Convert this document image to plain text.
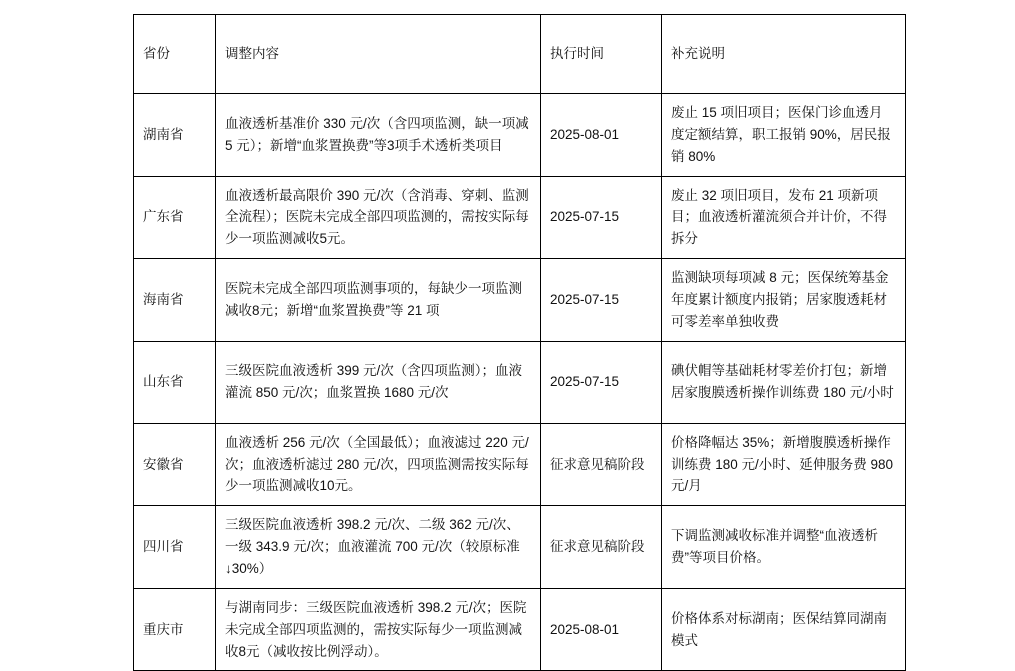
省份	调整内容	执行时间	补充说明
湖南省	血液透析基准价 330 元/次（含四项监测，缺一项减 5 元）；新增“血浆置换费”等3项手术透析类项目	2025-08-01	废止 15 项旧项目；医保门诊血透月度定额结算，职工报销 90%，居民报销 80%
广东省	血液透析最高限价 390 元/次（含消毒、穿刺、监测全流程）；医院未完成全部四项监测的，需按实际每少一项监测减收5元。	2025-07-15	废止 32 项旧项目，发布 21 项新项目；血液透析灌流须合并计价，不得拆分
海南省	医院未完成全部四项监测事项的，每缺少一项监测减收8元；新增“血浆置换费”等 21 项	2025-07-15	监测缺项每项减 8 元；医保统筹基金年度累计额度内报销；居家腹透耗材可零差率单独收费
山东省	三级医院血液透析 399 元/次（含四项监测）；血液灌流 850 元/次；血浆置换 1680 元/次	2025-07-15	碘伏帽等基础耗材零差价打包；新增居家腹膜透析操作训练费 180 元/小时
安徽省	血液透析 256 元/次（全国最低）；血液滤过 220 元/次；血液透析滤过 280 元/次，四项监测需按实际每少一项监测减收10元。	征求意见稿阶段	价格降幅达 35%；新增腹膜透析操作训练费 180 元/小时、延伸服务费 980 元/月
四川省	三级医院血液透析 398.2 元/次、二级 362 元/次、一级 343.9 元/次；血液灌流 700 元/次（较原标准↓30%）	征求意见稿阶段	下调监测减收标准并调整“血液透析费”等项目价格。
重庆市	与湖南同步：三级医院血液透析 398.2 元/次；医院未完成全部四项监测的，需按实际每少一项监测减收8元（减收按比例浮动）。	2025-08-01	价格体系对标湖南；医保结算同湖南模式
